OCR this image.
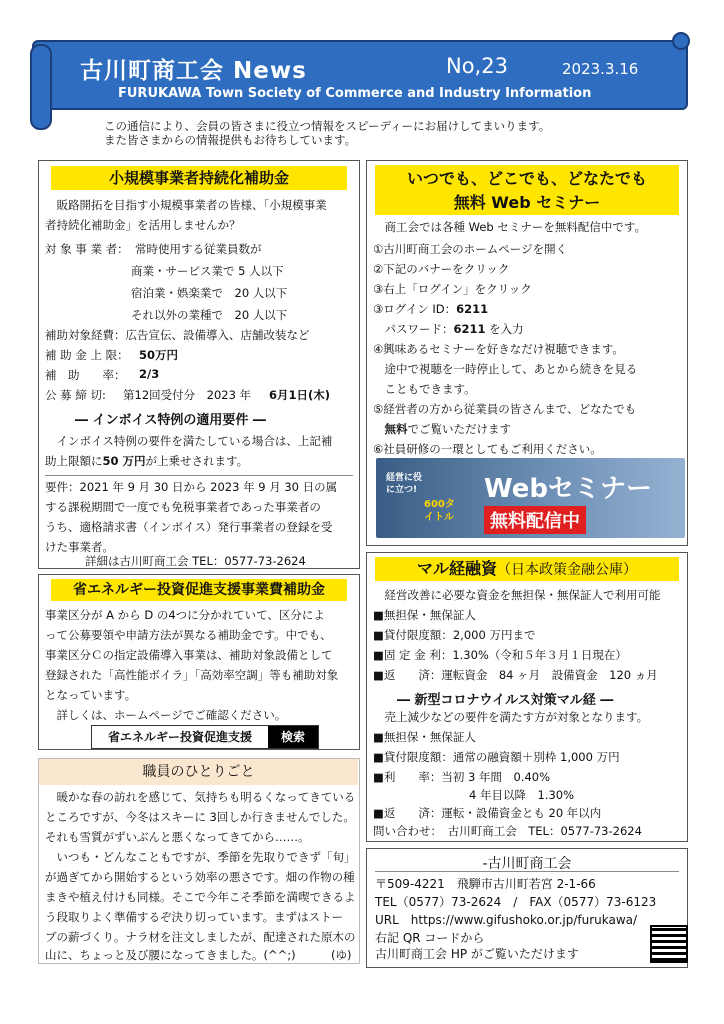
古川町商工会 News	No,23	2023.3.16
FURUKAWA Town Society of Commerce and Industry Information
この通信により、会員の皆さまに役立つ情報をスピーディーにお届けしてまいります。
また皆さまからの情報提供もお待ちしています。
小規模事業者持続化補助金
　販路開拓を目指す小規模事業者の皆様、「小規模事業
者持続化補助金」を活用しませんか？
対 象 事 業 者： 常時使用する従業員数が
商業・サービス業で 5 人以下
宿泊業・娯楽業で　20 人以下
それ以外の業種で　20 人以下
補助対象経費：広告宣伝、設備導入、店舗改装など
補 助 金 上 限： 50万円
補　助　　率： 2/3
公 募 締 切: 第12回受付分　2023 年 6月1日(木)
― インボイス特例の適用要件 ―
　インボイス特例の要件を満たしている場合は、上記補
助上限額に50 万円が上乗せされます。
要件：2021 年 9 月 30 日から 2023 年 9 月 30 日の属
する課税期間で一度でも免税事業者であった事業者の
うち、適格請求書（インボイス）発行事業者の登録を受
けた事業者。
詳細は古川町商工会 TEL：0577-73-2624
省エネルギー投資促進支援事業費補助金
事業区分が A から D の4つに分かれていて、区分によ
って公募要領や申請方法が異なる補助金です。中でも、
事業区分Ｃの指定設備導入事業は、補助対象設備として
登録された「高性能ボイラ」「高効率空調」等も補助対象
となっています。
　詳しくは、ホームページでご確認ください。
省エネルギー投資促進支援	検索
職員のひとりごと
　暖かな春の訪れを感じて、気持ちも明るくなってきている
ところですが、今冬はスキーに 3回しか行きませんでした。
それも雪質がずいぶんと悪くなってきてから……。
　いつも・どんなこともですが、季節を先取りできず「旬」
が過ぎてから開始するという効率の悪さです。畑の作物の種
まきや植え付けも同様。そこで今年こそ季節を満喫できるよ
う段取りよく準備するぞ決り切っています。まずはストー
ブの薪づくり。ナラ材を注文しましたが、配達された原木の
山に、ちょっと及び腰になってきました。(^^;)	(ゆ)
いつでも、どこでも、どなたでも
無料 Web セミナー
　商工会では各種 Web セミナーを無料配信中です。
①古川町商工会のホームページを開く
②下記のバナーをクリック
③右上「ログイン」をクリック
③ログイン ID：6211
　パスワード：6211 を入力
④興味あるセミナーを好きなだけ視聴できます。
　途中で視聴を一時停止して、あとから続きを見る
　こともできます。
⑤経営者の方から従業員の皆さんまで、どなたでも
　無料でご覧いただけます
⑥社員研修の一環としてもご利用ください。
経営に役に立つ!	Webセミナー
600タイトル	無料配信中
マル経融資（日本政策金融公庫）
　経営改善に必要な資金を無担保・無保証人で利用可能
■無担保・無保証人
■貸付限度額：2,000 万円まで
■固 定 金 利：1.30%（令和５年３月１日現在）
■返　　済：運転資金　84 ヶ月　設備資金　120 ヵ月
― 新型コロナウイルス対策マル経 ―
　売上減少などの要件を満たす方が対象となります。
■無担保・無保証人
■貸付限度額：通常の融資額＋別枠 1,000 万円
■利　　率：当初 3 年間　0.40%
4 年目以降　1.30%
■返　　済：運転・設備資金とも 20 年以内
問い合わせ：　古川町商工会　TEL：0577-73-2624
-古川町商工会
〒509-4221　飛騨市古川町若宮 2-1-66
TEL（0577）73-2624　/　FAX（0577）73-6123
URL　https://www.gifushoko.or.jp/furukawa/
右記 QR コードから
古川町商工会 HP がご覧いただけます
